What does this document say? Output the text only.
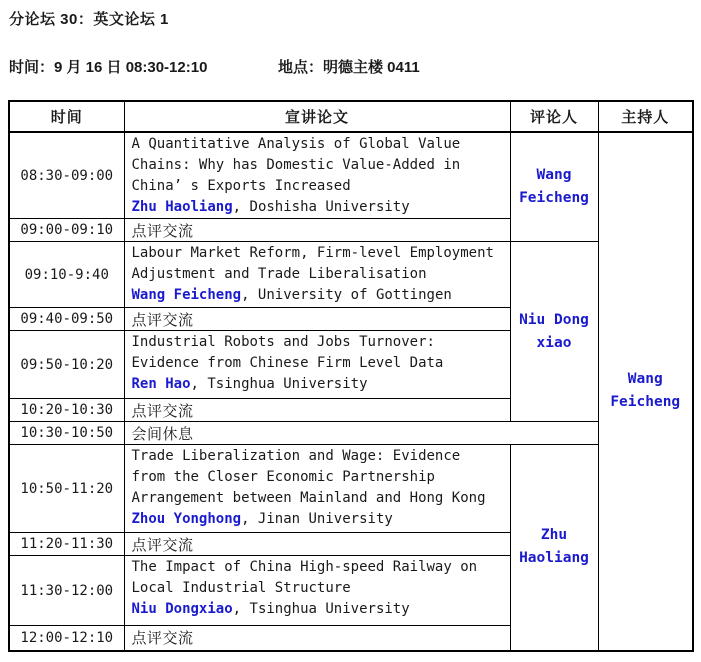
分论坛 30：英文论坛 1
时间：9 月 16 日 08:30-12:10	地点：明德主楼 0411
时间	宣讲论文	评论人	主持人
08:30-09:00	A Quantitative Analysis of Global Value
Chains: Why has Domestic Value-Added in
China’ s Exports Increased
Zhu Haoliang, Doshisha University	Wang Feicheng	Wang Feicheng
09:00-09:10	点评交流		
09:10-9:40	Labour Market Reform, Firm-level Employment
Adjustment and Trade Liberalisation
Wang Feicheng, University of Gottingen	Niu Dong xiao	
09:40-09:50	点评交流		
09:50-10:20	Industrial Robots and Jobs Turnover:
Evidence from Chinese Firm Level Data
Ren Hao, Tsinghua University		

10:20-10:30	点评交流		
10:30-10:50	会间休息		
10:50-11:20	Trade Liberalization and Wage: Evidence
from the Closer Economic Partnership
Arrangement between Mainland and Hong Kong
Zhou Yonghong, Jinan University	Zhu Haoliang	
11:20-11:30	点评交流		
11:30-12:00	The Impact of China High-speed Railway on
Local Industrial Structure
Niu Dongxiao, Tsinghua University		

12:00-12:10	点评交流		
